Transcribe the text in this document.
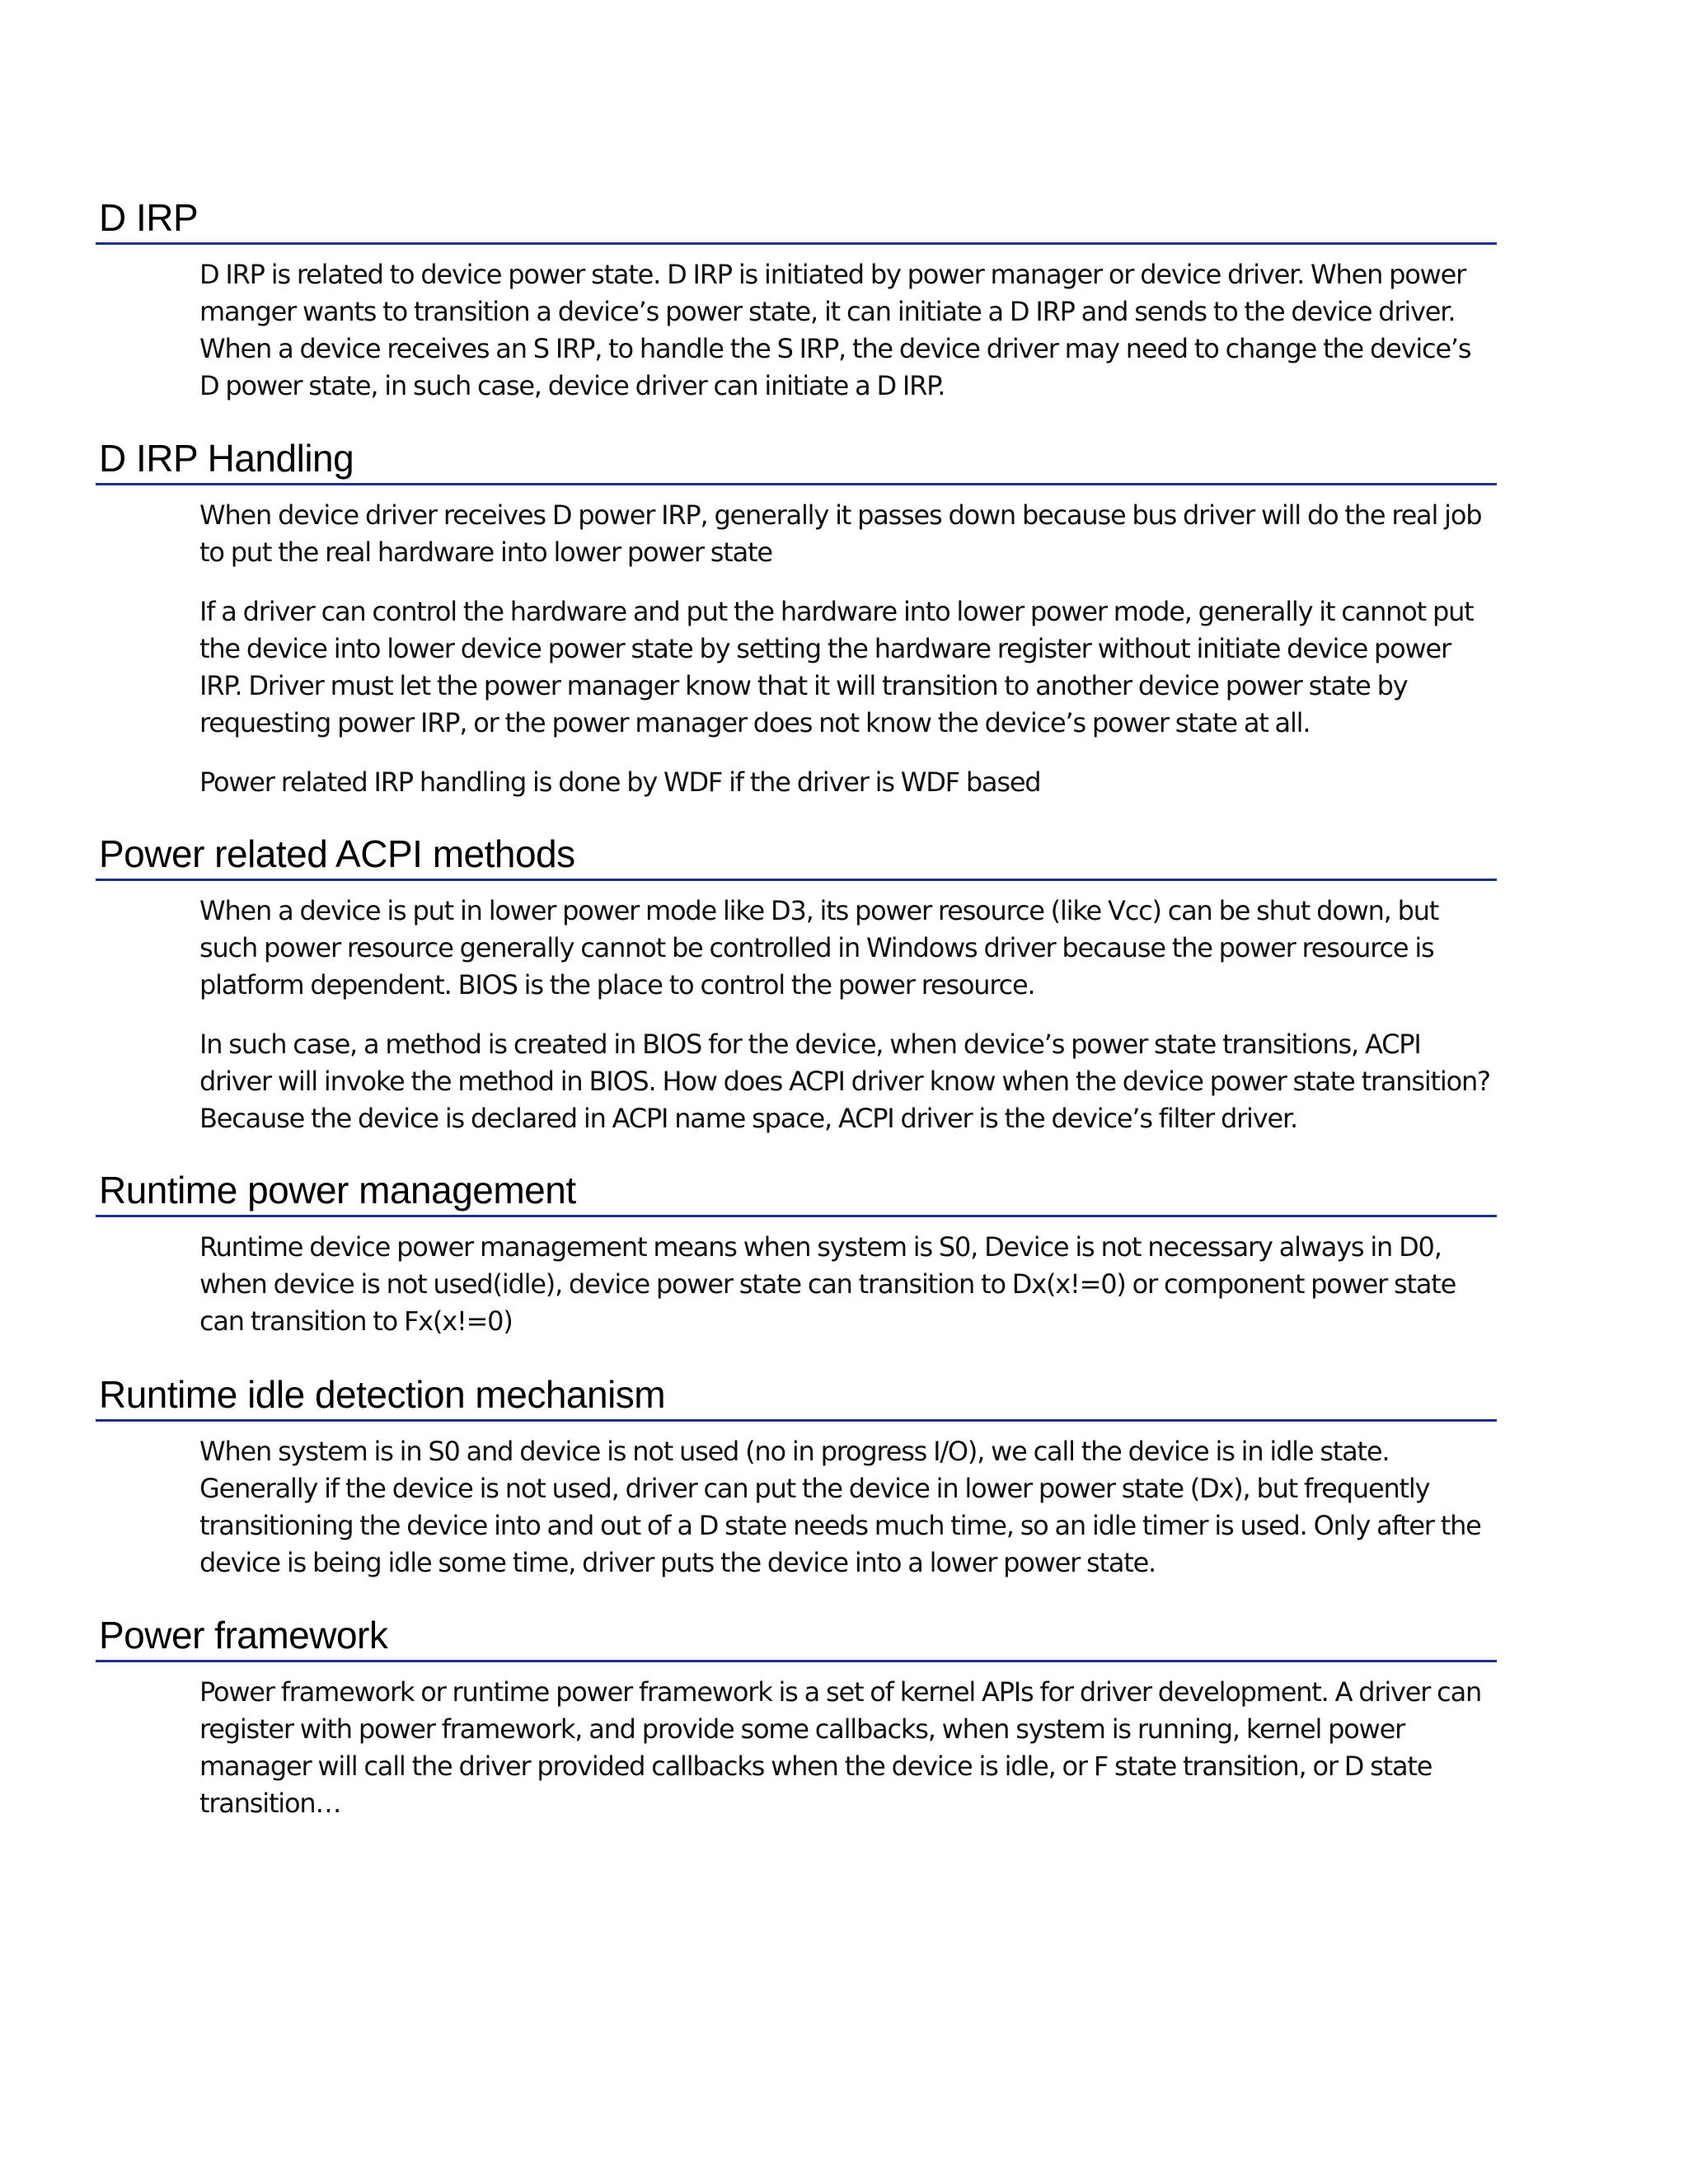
D IRP

D IRP is related to device power state. D IRP is initiated by power manager or device driver. When power manger wants to transition a device’s power state, it can initiate a D IRP and sends to the device driver. When a device receives an S IRP, to handle the S IRP, the device driver may need to change the device’s D power state, in such case, device driver can initiate a D IRP.

D IRP Handling

When device driver receives D power IRP, generally it passes down because bus driver will do the real job to put the real hardware into lower power state

If a driver can control the hardware and put the hardware into lower power mode, generally it cannot put the device into lower device power state by setting the hardware register without initiate device power IRP. Driver must let the power manager know that it will transition to another device power state by requesting power IRP, or the power manager does not know the device’s power state at all.

Power related IRP handling is done by WDF if the driver is WDF based

Power related ACPI methods

When a device is put in lower power mode like D3, its power resource (like Vcc) can be shut down, but such power resource generally cannot be controlled in Windows driver because the power resource is platform dependent. BIOS is the place to control the power resource.

In such case, a method is created in BIOS for the device, when device’s power state transitions, ACPI driver will invoke the method in BIOS. How does ACPI driver know when the device power state transition? Because the device is declared in ACPI name space, ACPI driver is the device’s filter driver.

Runtime power management

Runtime device power management means when system is S0, Device is not necessary always in D0, when device is not used(idle), device power state can transition to Dx(x!=0) or component power state can transition to Fx(x!=0)

Runtime idle detection mechanism

When system is in S0 and device is not used (no in progress I/O), we call the device is in idle state. Generally if the device is not used, driver can put the device in lower power state (Dx), but frequently transitioning the device into and out of a D state needs much time, so an idle timer is used. Only after the device is being idle some time, driver puts the device into a lower power state.

Power framework

Power framework or runtime power framework is a set of kernel APIs for driver development. A driver can register with power framework, and provide some callbacks, when system is running, kernel power manager will call the driver provided callbacks when the device is idle, or F state transition, or D state transition…
